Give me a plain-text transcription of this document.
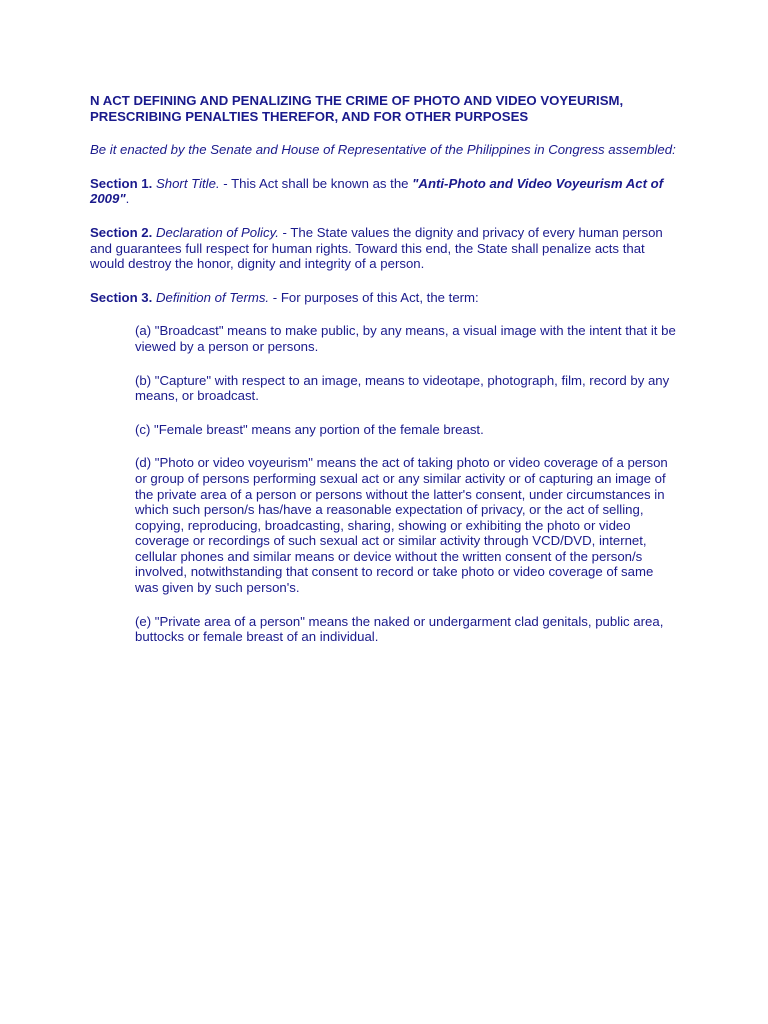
N ACT DEFINING AND PENALIZING THE CRIME OF PHOTO AND VIDEO VOYEURISM,
PRESCRIBING PENALTIES THEREFOR, AND FOR OTHER PURPOSES

Be it enacted by the Senate and House of Representative of the Philippines in Congress assembled:

Section 1. Short Title. - This Act shall be known as the "Anti-Photo and Video Voyeurism Act of 2009".

Section 2. Declaration of Policy. - The State values the dignity and privacy of every human person and guarantees full respect for human rights. Toward this end, the State shall penalize acts that would destroy the honor, dignity and integrity of a person.

Section 3. Definition of Terms. - For purposes of this Act, the term:

(a) "Broadcast" means to make public, by any means, a visual image with the intent that it be viewed by a person or persons.

(b) "Capture" with respect to an image, means to videotape, photograph, film, record by any means, or broadcast.

(c) "Female breast" means any portion of the female breast.

(d) "Photo or video voyeurism" means the act of taking photo or video coverage of a person or group of persons performing sexual act or any similar activity or of capturing an image of the private area of a person or persons without the latter's consent, under circumstances in which such person/s has/have a reasonable expectation of privacy, or the act of selling, copying, reproducing, broadcasting, sharing, showing or exhibiting the photo or video coverage or recordings of such sexual act or similar activity through VCD/DVD, internet, cellular phones and similar means or device without the written consent of the person/s involved, notwithstanding that consent to record or take photo or video coverage of same was given by such person's.

(e) "Private area of a person" means the naked or undergarment clad genitals, public area, buttocks or female breast of an individual.
